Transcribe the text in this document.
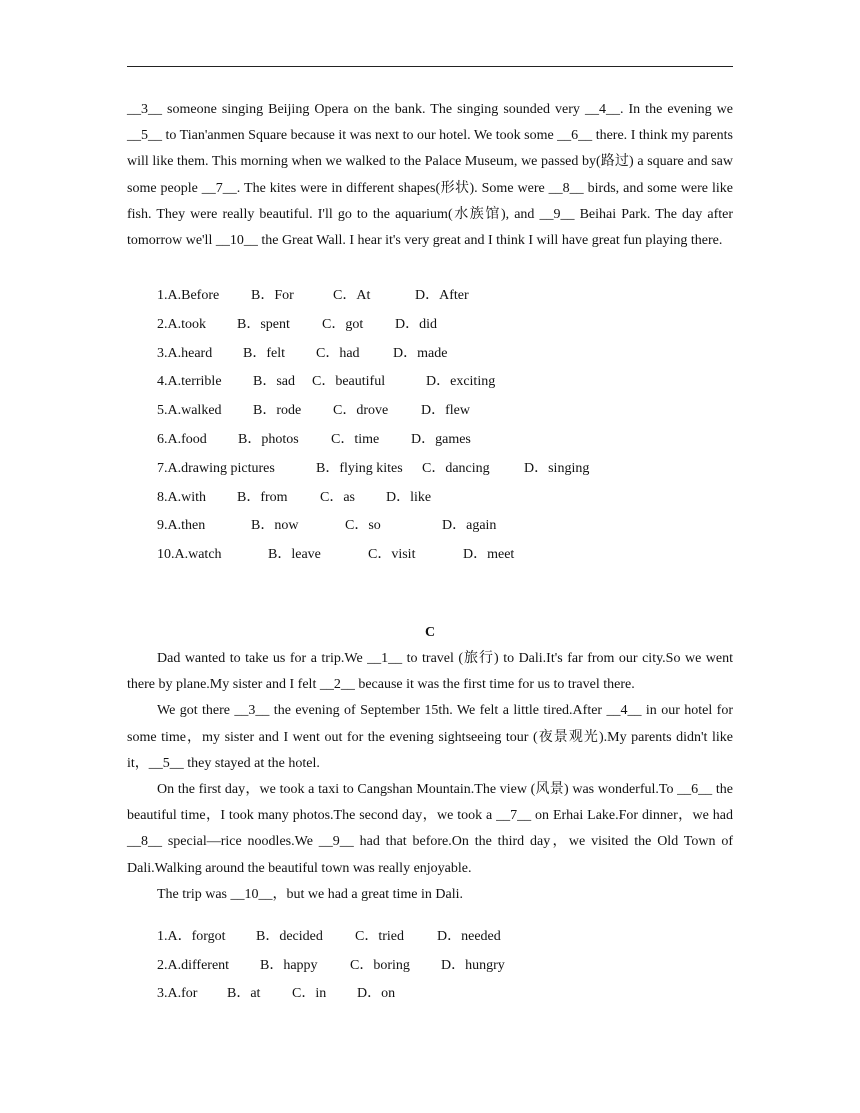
__3__ someone singing Beijing Opera on the bank. The singing sounded very __4__. In the evening we __5__ to Tian'anmen Square because it was next to our hotel. We took some __6__ there. I think my parents will like them. This morning when we walked to the Palace Museum, we passed by(路过) a square and saw some people __7__. The kites were in different shapes(形状). Some were __8__ birds, and some were like fish. They were really beautiful. I'll go to the aquarium(水族馆), and __9__ Beihai Park. The day after tomorrow we'll __10__ the Great Wall. I hear it's very great and I think I will have great fun playing there.

1.A.Before B．For	C．At	D．After
2.A.took B．spent C．got D．did
3.A.heard B．felt C．had D．made
4.A.terrible B．sad C．beautiful	D．exciting
5.A.walked B．rode C．drove D．flew
6.A.food B．photos C．time D．games
7.A.drawing pictures	B．flying kites C．dancing D．singing
8.A.with B．from C．as D．like
9.A.then	B．now	C．so	D．again
10.A.watch	B．leave	C．visit	D．meet
C

Dad wanted to take us for a trip.We __1__ to travel (旅行) to Dali.It's far from our city.So we went there by plane.My sister and I felt __2__ because it was the first time for us to travel there.

We got there __3__ the evening of September 15th. We felt a little tired.After __4__ in our hotel for some time，my sister and I went out for the evening sightseeing tour (夜景观光).My parents didn't like it，__5__ they stayed at the hotel.

On the first day，we took a taxi to Cangshan Mountain.The view (风景) was wonderful.To __6__ the beautiful time，I took many photos.The second day，we took a __7__ on Erhai Lake.For dinner，we had __8__ special—rice noodles.We __9__ had that before.On the third day，we visited the Old Town of Dali.Walking around the beautiful town was really enjoyable.

The trip was __10__，but we had a great time in Dali.

1.A．forgot B．decided C．tried D．needed
2.A.different B．happy C．boring D．hungry
3.A.for B．at C．in D．on
